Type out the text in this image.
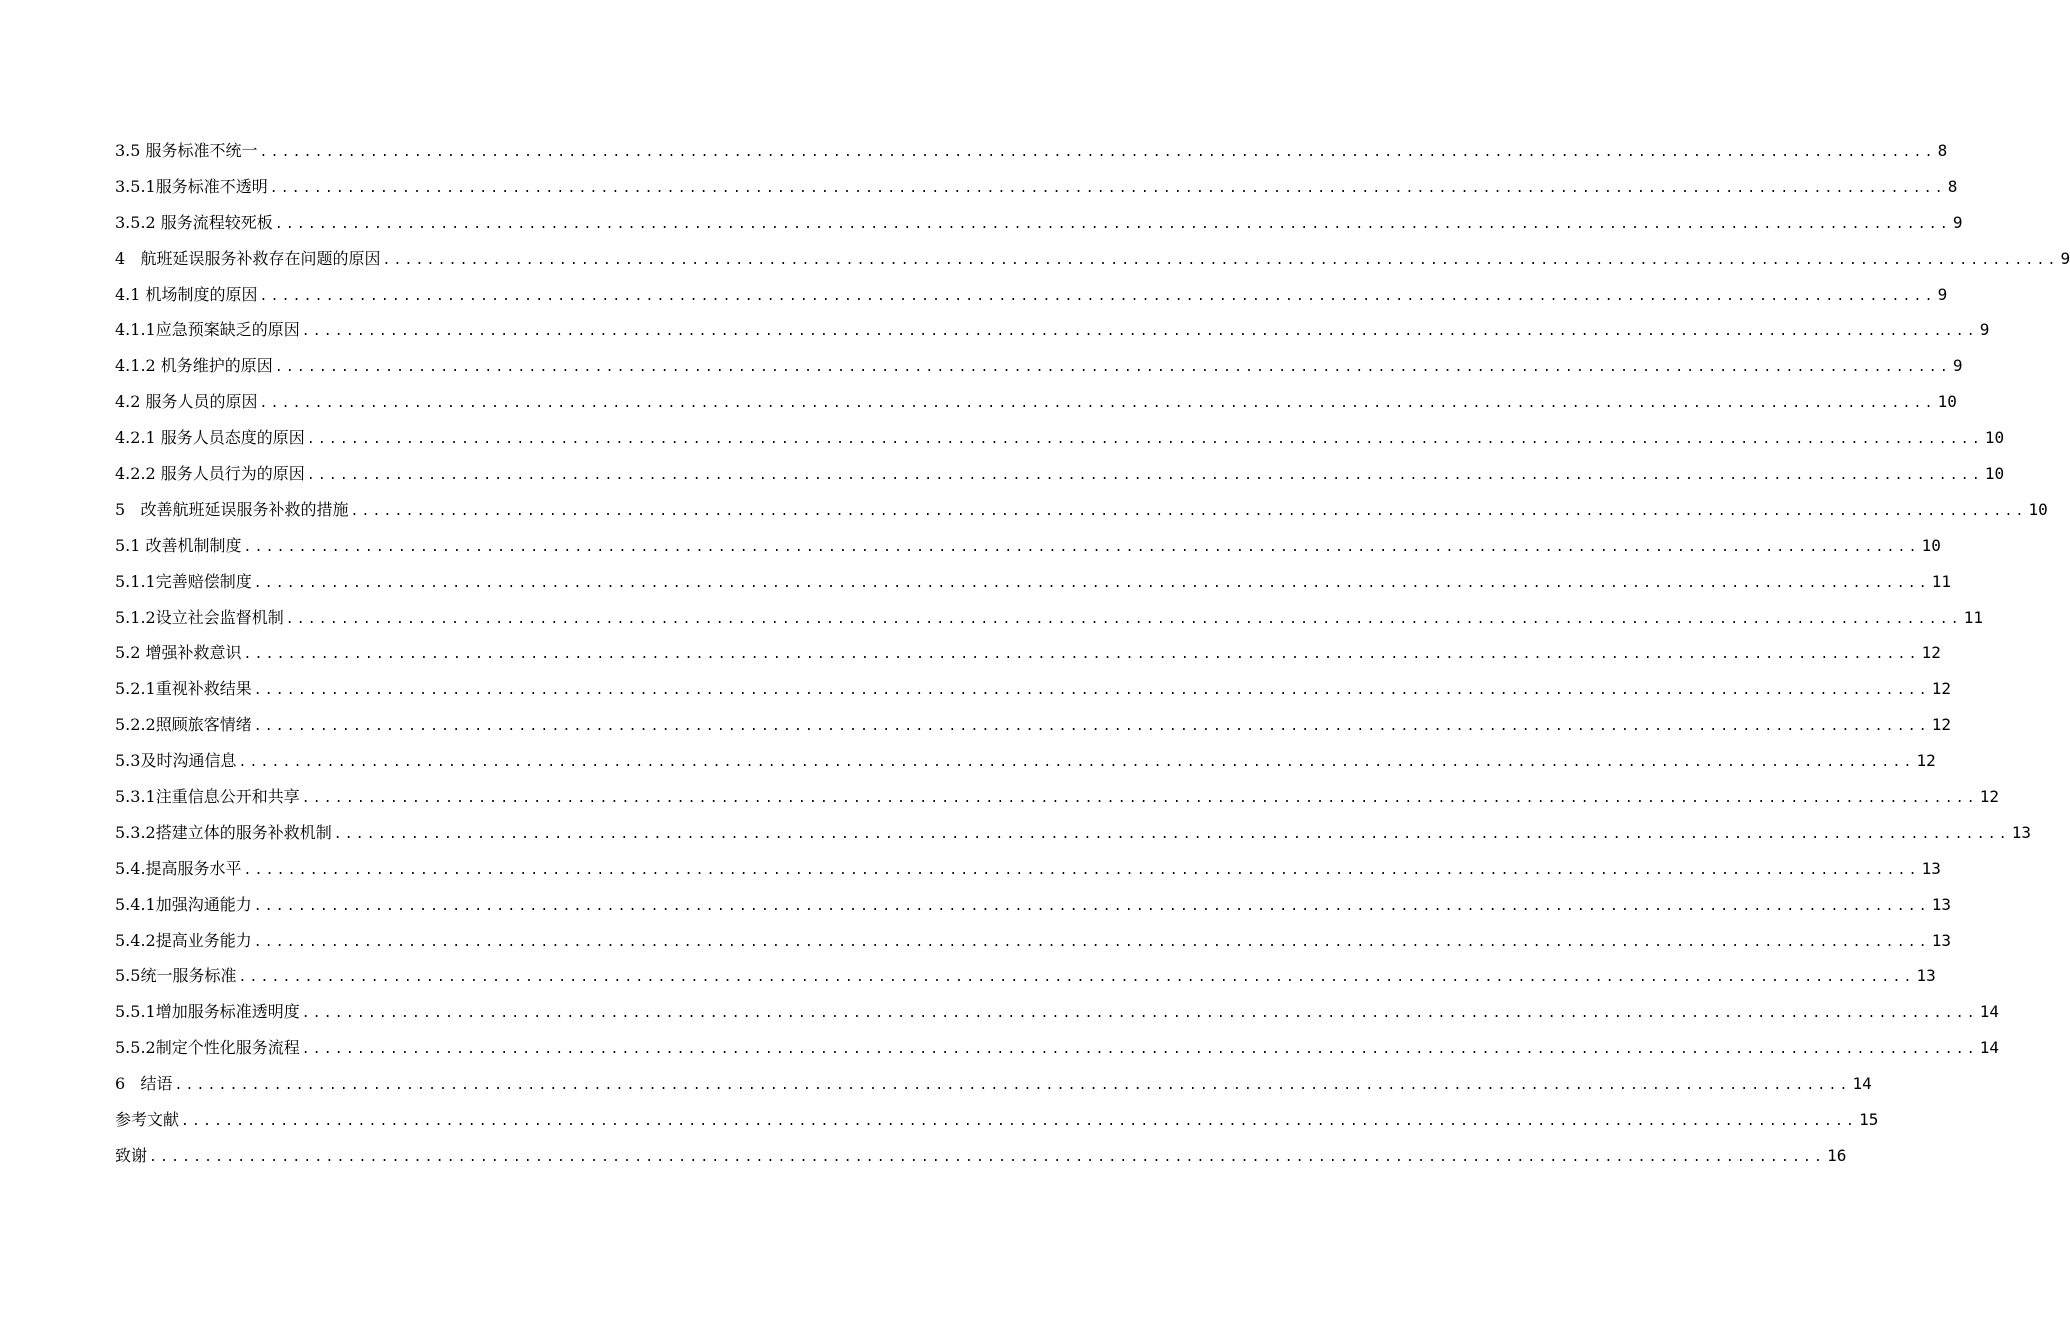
3.5 服务标准不统一 ........................................................................................................................................................ 8
3.5.1服务标准不透明 ........................................................................................................................................................ 8
3.5.2 服务流程较死板 ........................................................................................................................................................ 9
4   航班延误服务补救存在问题的原因 ........................................................................................................................................................ 9
4.1 机场制度的原因 ........................................................................................................................................................ 9
4.1.1应急预案缺乏的原因 ........................................................................................................................................................ 9
4.1.2 机务维护的原因 ........................................................................................................................................................ 9
4.2 服务人员的原因 ........................................................................................................................................................ 10
4.2.1 服务人员态度的原因 ........................................................................................................................................................ 10
4.2.2 服务人员行为的原因 ........................................................................................................................................................ 10
5   改善航班延误服务补救的措施 ........................................................................................................................................................ 10
5.1 改善机制制度 ........................................................................................................................................................ 10
5.1.1完善赔偿制度 ........................................................................................................................................................ 11
5.1.2设立社会监督机制 ........................................................................................................................................................ 11
5.2 增强补救意识 ........................................................................................................................................................ 12
5.2.1重视补救结果 ........................................................................................................................................................ 12
5.2.2照顾旅客情绪 ........................................................................................................................................................ 12
5.3及时沟通信息 ........................................................................................................................................................ 12
5.3.1注重信息公开和共享 ........................................................................................................................................................ 12
5.3.2搭建立体的服务补救机制 ........................................................................................................................................................ 13
5.4.提高服务水平 ........................................................................................................................................................ 13
5.4.1加强沟通能力 ........................................................................................................................................................ 13
5.4.2提高业务能力 ........................................................................................................................................................ 13
5.5统一服务标准 ........................................................................................................................................................ 13
5.5.1增加服务标准透明度 ........................................................................................................................................................ 14
5.5.2制定个性化服务流程 ........................................................................................................................................................ 14
6   结语 ........................................................................................................................................................ 14
参考文献 ........................................................................................................................................................ 15
致谢 ........................................................................................................................................................ 16
